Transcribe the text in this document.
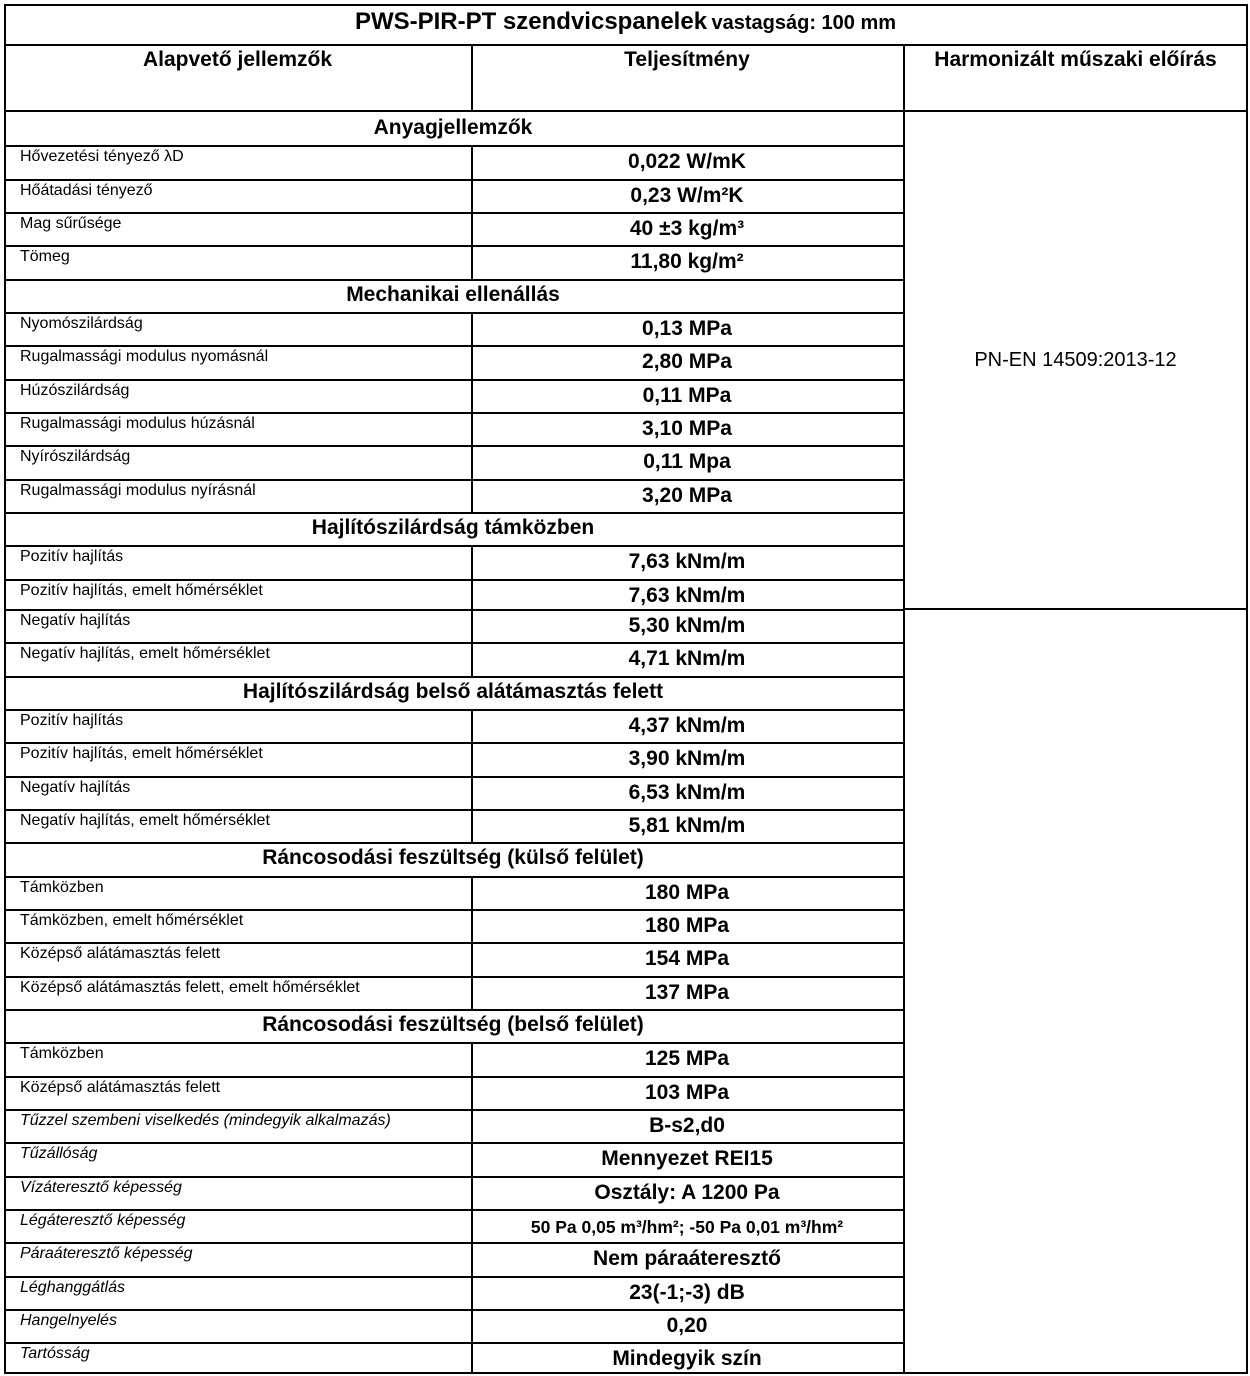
PWS-PIR-PT szendvicspanelek vastagság: 100 mm
Alapvető jellemzők	Teljesítmény	Harmonizált műszaki előírás
PN-EN 14509:2013-12
Anyagjellemzők
Hővezetési tényező λD	0,022 W/mK
Hőátadási tényező	0,23 W/m²K
Mag sűrűsége	40 ±3 kg/m³
Tömeg	11,80 kg/m²
Mechanikai ellenállás
Nyomószilárdság	0,13 MPa
Rugalmassági modulus nyomásnál	2,80 MPa
Húzószilárdság	0,11 MPa
Rugalmassági modulus húzásnál	3,10 MPa
Nyírószilárdság	0,11 Mpa
Rugalmassági modulus nyírásnál	3,20 MPa
Hajlítószilárdság támközben
Pozitív hajlítás	7,63 kNm/m
Pozitív hajlítás, emelt hőmérséklet	7,63 kNm/m
Negatív hajlítás	5,30 kNm/m
Negatív hajlítás, emelt hőmérséklet	4,71 kNm/m
Hajlítószilárdság belső alátámasztás felett
Pozitív hajlítás	4,37 kNm/m
Pozitív hajlítás, emelt hőmérséklet	3,90 kNm/m
Negatív hajlítás	6,53 kNm/m
Negatív hajlítás, emelt hőmérséklet	5,81 kNm/m
Ráncosodási feszültség (külső felület)
Támközben	180 MPa
Támközben, emelt hőmérséklet	180 MPa
Középső alátámasztás felett	154 MPa
Középső alátámasztás felett, emelt hőmérséklet	137 MPa
Ráncosodási feszültség (belső felület)
Támközben	125 MPa
Középső alátámasztás felett	103 MPa
Tűzzel szembeni viselkedés (mindegyik alkalmazás)	B-s2,d0
Tűzállóság	Mennyezet REI15
Vízáteresztő képesség	Osztály: A 1200 Pa
Légáteresztő képesség	50 Pa 0,05 m³/hm²; -50 Pa 0,01 m³/hm²
Páraáteresztő képesség	Nem páraáteresztő
Léghanggátlás	23(-1;-3) dB
Hangelnyelés	0,20
Tartósság	Mindegyik szín
